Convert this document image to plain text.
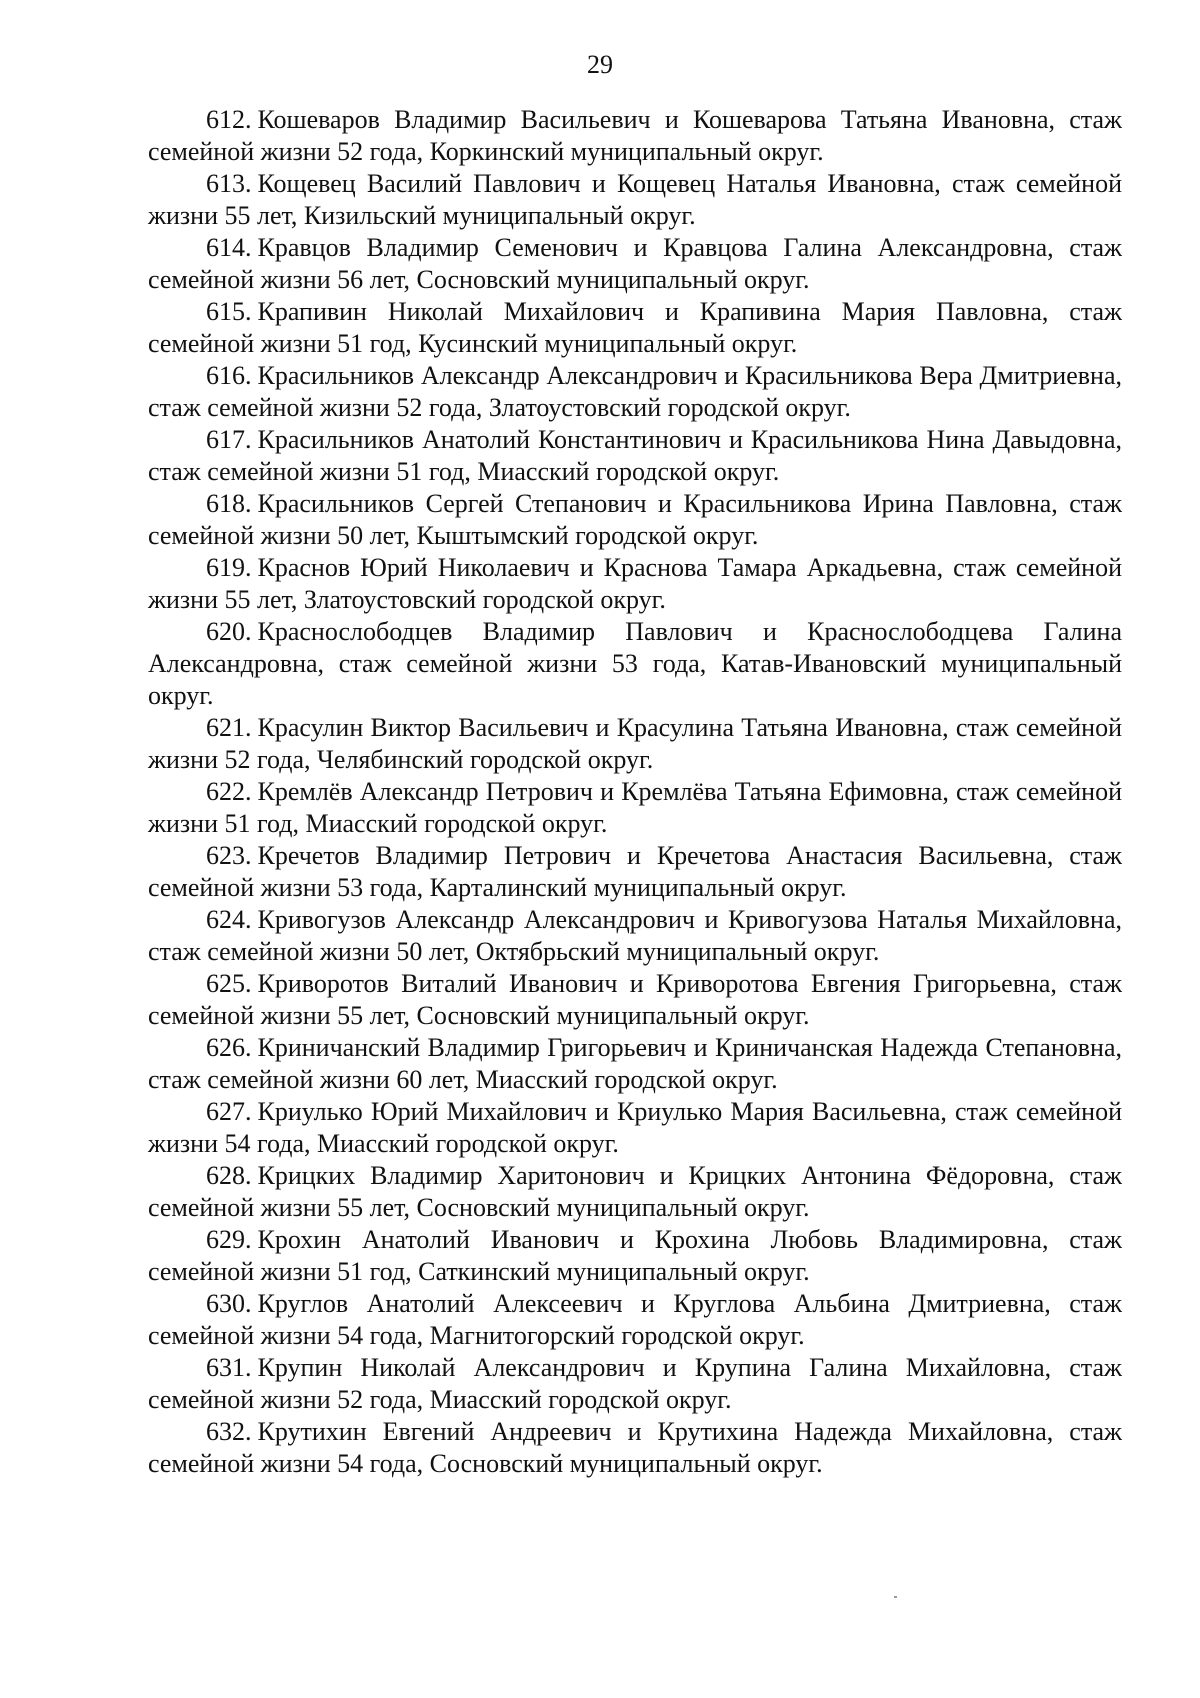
29

612. Кошеваров Владимир Васильевич и Кошеварова Татьяна Ивановна, стаж семейной жизни 52 года, Коркинский муниципальный округ.

613. Кощевец Василий Павлович и Кощевец Наталья Ивановна, стаж семейной жизни 55 лет, Кизильский муниципальный округ.

614. Кравцов Владимир Семенович и Кравцова Галина Александровна, стаж семейной жизни 56 лет, Сосновский муниципальный округ.

615. Крапивин Николай Михайлович и Крапивина Мария Павловна, стаж семейной жизни 51 год, Кусинский муниципальный округ.

616. Красильников Александр Александрович и Красильникова Вера Дмитриевна, стаж семейной жизни 52 года, Златоустовский городской округ.

617. Красильников Анатолий Константинович и Красильникова Нина Давыдовна, стаж семейной жизни 51 год, Миасский городской округ.

618. Красильников Сергей Степанович и Красильникова Ирина Павловна, стаж семейной жизни 50 лет, Кыштымский городской округ.

619. Краснов Юрий Николаевич и Краснова Тамара Аркадьевна, стаж семейной жизни 55 лет, Златоустовский городской округ.

620. Краснослободцев Владимир Павлович и Краснослободцева Галина Александровна, стаж семейной жизни 53 года, Катав-Ивановский муниципальный округ.

621. Красулин Виктор Васильевич и Красулина Татьяна Ивановна, стаж семейной жизни 52 года, Челябинский городской округ.

622. Кремлёв Александр Петрович и Кремлёва Татьяна Ефимовна, стаж семейной жизни 51 год, Миасский городской округ.

623. Кречетов Владимир Петрович и Кречетова Анастасия Васильевна, стаж семейной жизни 53 года, Карталинский муниципальный округ.

624. Кривогузов Александр Александрович и Кривогузова Наталья Михайловна, стаж семейной жизни 50 лет, Октябрьский муниципальный округ.

625. Криворотов Виталий Иванович и Криворотова Евгения Григорьевна, стаж семейной жизни 55 лет, Сосновский муниципальный округ.

626. Криничанский Владимир Григорьевич и Криничанская Надежда Степановна, стаж семейной жизни 60 лет, Миасский городской округ.

627. Криулько Юрий Михайлович и Криулько Мария Васильевна, стаж семейной жизни 54 года, Миасский городской округ.

628. Крицких Владимир Харитонович и Крицких Антонина Фёдоровна, стаж семейной жизни 55 лет, Сосновский муниципальный округ.

629. Крохин Анатолий Иванович и Крохина Любовь Владимировна, стаж семейной жизни 51 год, Саткинский муниципальный округ.

630. Круглов Анатолий Алексеевич и Круглова Альбина Дмитриевна, стаж семейной жизни 54 года, Магнитогорский городской округ.

631. Крупин Николай Александрович и Крупина Галина Михайловна, стаж семейной жизни 52 года, Миасский городской округ.

632. Крутихин Евгений Андреевич и Крутихина Надежда Михайловна, стаж семейной жизни 54 года, Сосновский муниципальный округ.
